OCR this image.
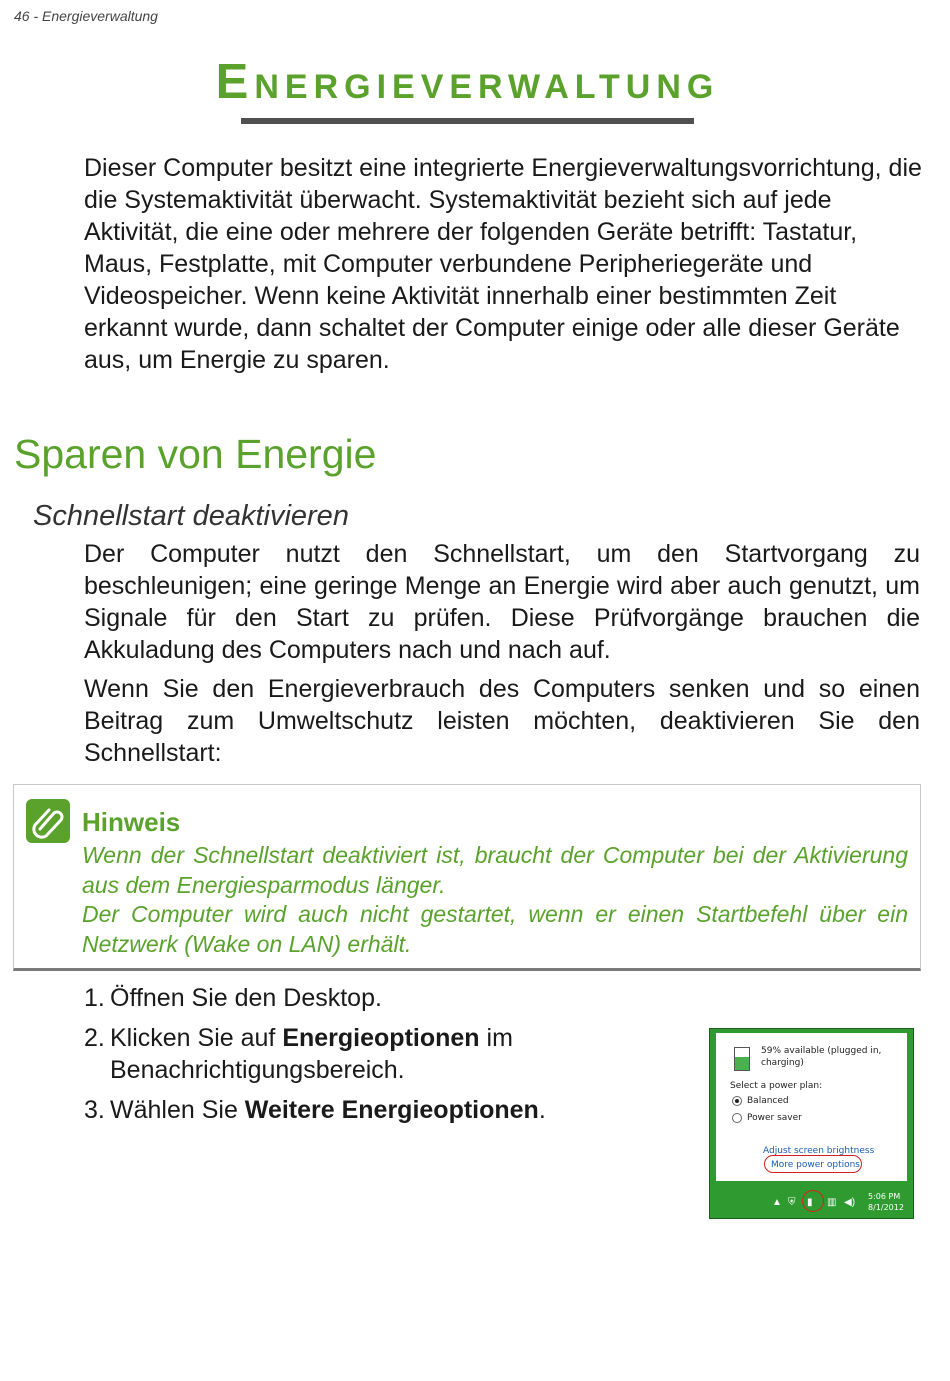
46 - Energieverwaltung
Energieverwaltung
Dieser Computer besitzt eine integrierte Energieverwaltungsvorrichtung, die die Systemaktivität überwacht. Systemaktivität bezieht sich auf jede Aktivität, die eine oder mehrere der folgenden Geräte betrifft: Tastatur, Maus, Festplatte, mit Computer verbundene Peripheriegeräte und Videospeicher. Wenn keine Aktivität innerhalb einer bestimmten Zeit erkannt wurde, dann schaltet der Computer einige oder alle dieser Geräte aus, um Energie zu sparen.
Sparen von Energie
Schnellstart deaktivieren
Der Computer nutzt den Schnellstart, um den Startvorgang zu beschleunigen; eine geringe Menge an Energie wird aber auch genutzt, um Signale für den Start zu prüfen. Diese Prüfvorgänge brauchen die Akkuladung des Computers nach und nach auf.
Wenn Sie den Energieverbrauch des Computers senken und so einen Beitrag zum Umweltschutz leisten möchten, deaktivieren Sie den Schnellstart:
Hinweis
Wenn der Schnellstart deaktiviert ist, braucht der Computer bei der Aktivierung aus dem Energiesparmodus länger.
Der Computer wird auch nicht gestartet, wenn er einen Startbefehl über ein Netzwerk (Wake on LAN) erhält.
1. Öffnen Sie den Desktop.
2. Klicken Sie auf Energieoptionen im Benachrichtigungsbereich.
3. Wählen Sie Weitere Energieoptionen.
59% available (plugged in, charging)
Select a power plan:
Balanced
Power saver
Adjust screen brightness
More power options
▲ ⛨ ▮ ▥ ◀)
5:06 PM
8/1/2012
